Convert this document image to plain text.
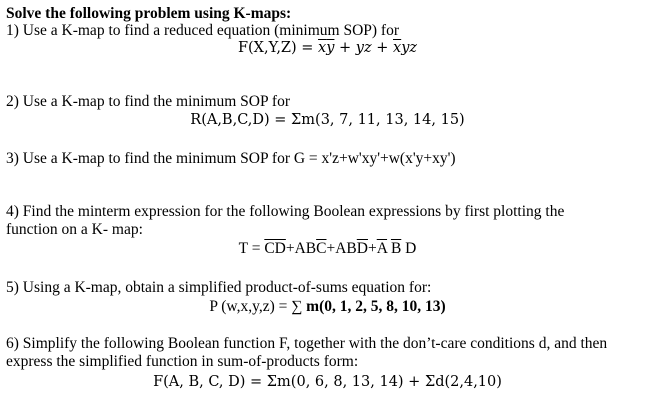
Solve the following problem using K-maps:
1) Use a K-map to find a reduced equation (minimum SOP) for
$F(X,Y,Z) = \overline{x}\overline{y}$ + yz + $\overline{x}yz$
2) Use a K-map to find the minimum SOP for
R(A,B,C,D) = Σm(3, 7, 11, 13, 14, 15)
3) Use a K-map to find the minimum SOP for G = x'z+w'xy'+w(x'y+xy')
4) Find the minterm expression for the following Boolean expressions by first plotting the
function on a K- map:
$T = \overline{CD}+AB\overline{C}+AB\overline{D}+\overline{A}$ $\overline{B}$ D
5) Using a K-map, obtain a simplified product-of-sums equation for:
P (w,x,y,z) = ∑ m(0, 1, 2, 5, 8, 10, 13)
6) Simplify the following Boolean function F, together with the don’t-care conditions d, and then
express the simplified function in sum-of-products form:
F(A, B, C, D) = Σm(0, 6, 8, 13, 14) + Σd(2,4,10)
